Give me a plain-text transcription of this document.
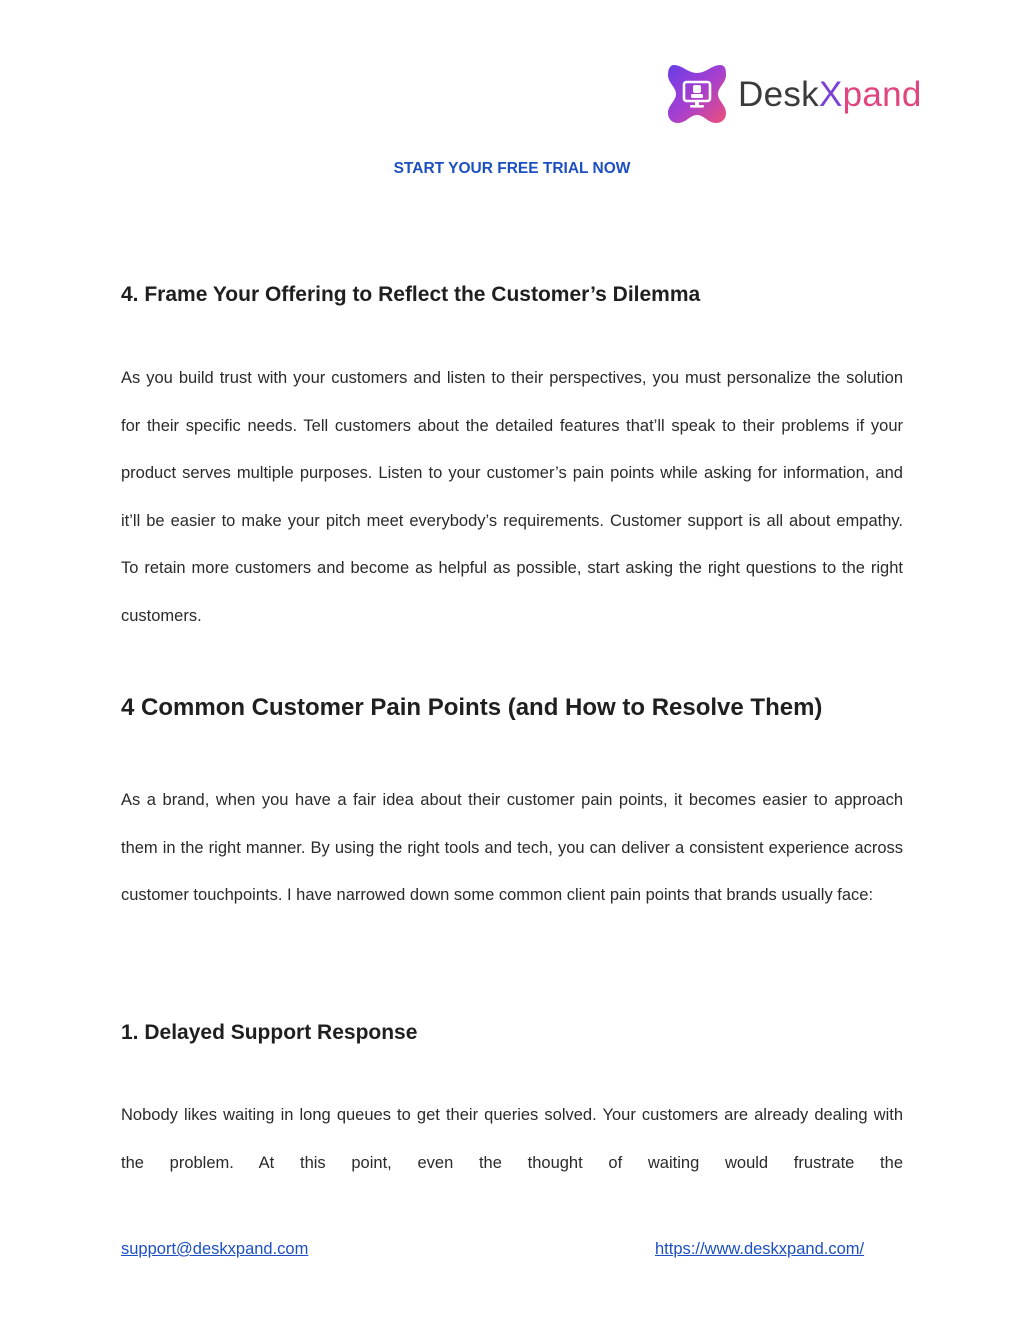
DeskXpand
START YOUR FREE TRIAL NOW
4. Frame Your Offering to Reflect the Customer’s Dilemma

As you build trust with your customers and listen to their perspectives, you must personalize the solution for their specific needs. Tell customers about the detailed features that’ll speak to their problems if your product serves multiple purposes. Listen to your customer’s pain points while asking for information, and it’ll be easier to make your pitch meet everybody’s requirements. Customer support is all about empathy. To retain more customers and become as helpful as possible, start asking the right questions to the right customers.

4 Common Customer Pain Points (and How to Resolve Them)

As a brand, when you have a fair idea about their customer pain points, it becomes easier to approach them in the right manner. By using the right tools and tech, you can deliver a consistent experience across customer touchpoints. I have narrowed down some common client pain points that brands usually face:

1. Delayed Support Response

Nobody likes waiting in long queues to get their queries solved. Your customers are already dealing with the problem. At this point, even the thought of waiting would frustrate the

support@deskxpand.com	https://www.deskxpand.com/
